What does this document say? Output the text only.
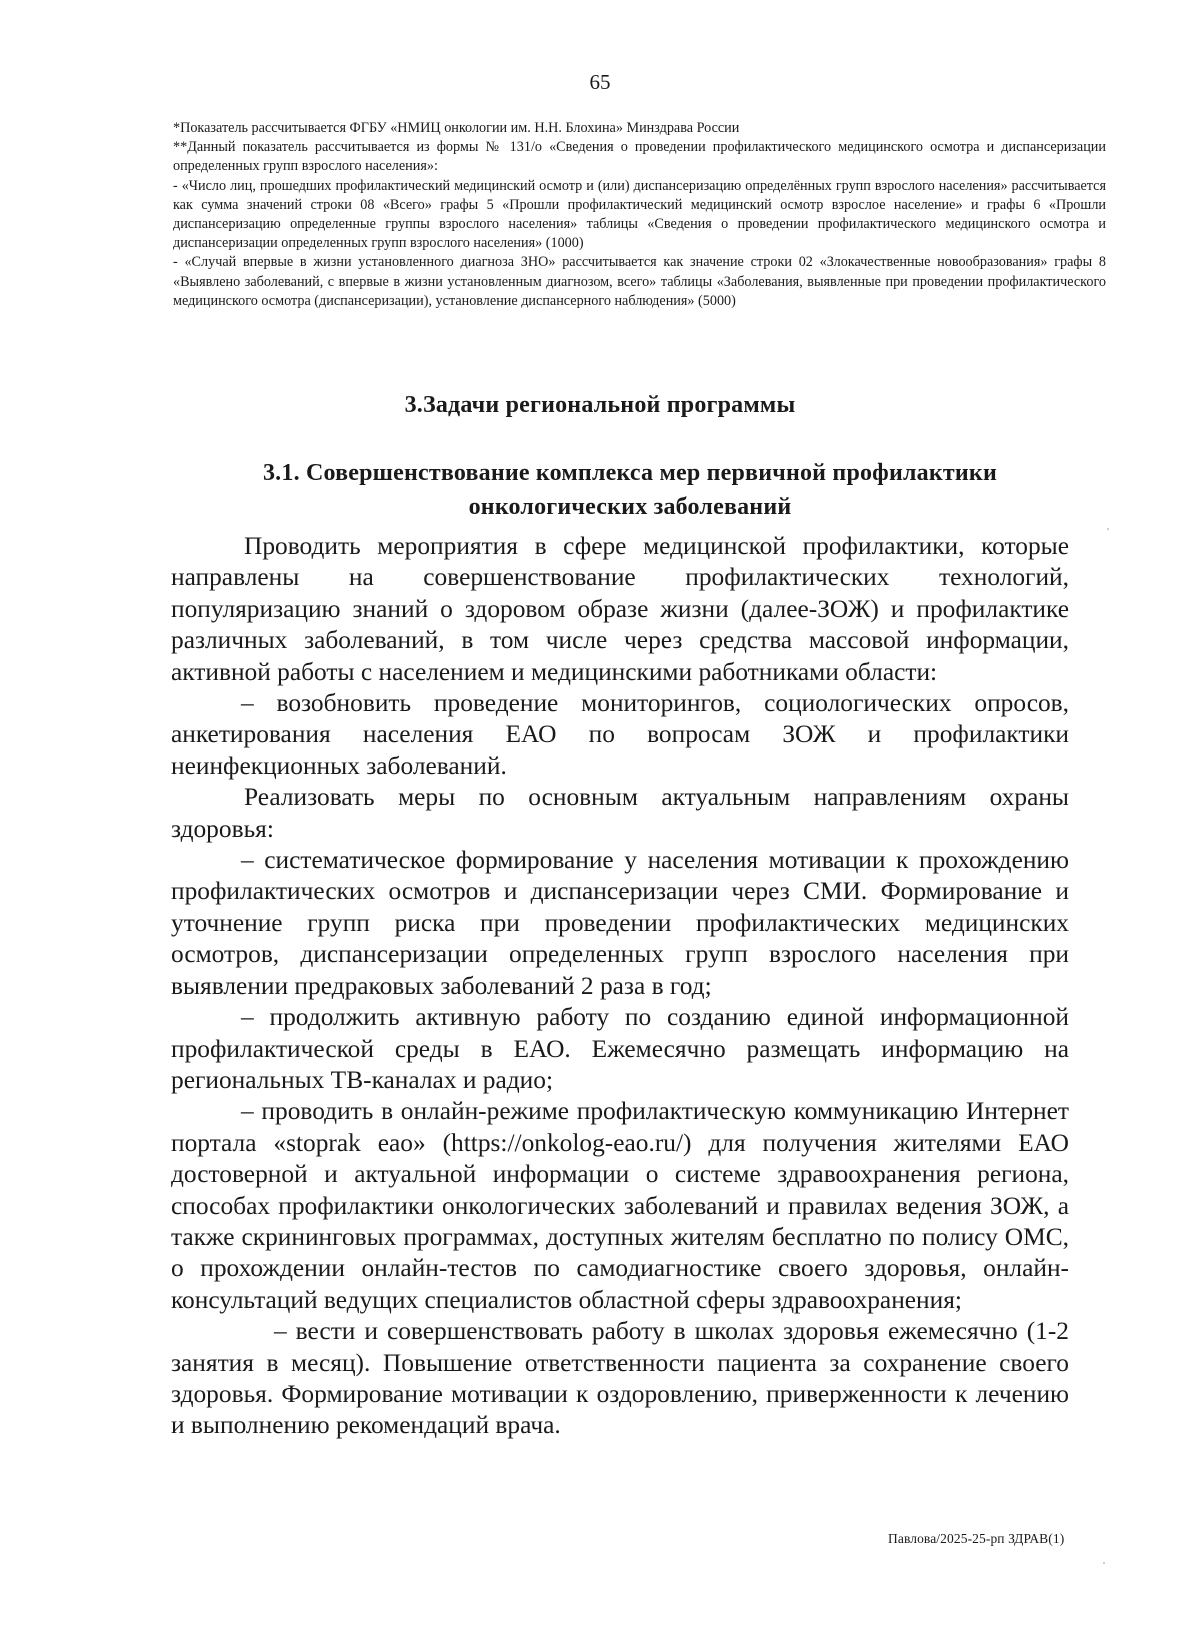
65

*Показатель рассчитывается ФГБУ «НМИЦ онкологии им. Н.Н. Блохина» Минздрава России

**Данный показатель рассчитывается из формы № 131/о «Сведения о проведении профилактического медицинского осмотра и диспансеризации определенных групп взрослого населения»:

- «Число лиц, прошедших профилактический медицинский осмотр и (или) диспансеризацию определённых групп взрослого населения» рассчитывается как сумма значений строки 08 «Всего» графы 5 «Прошли профилактический медицинский осмотр взрослое население» и графы 6 «Прошли диспансеризацию определенные группы взрослого населения» таблицы «Сведения о проведении профилактического медицинского осмотра и диспансеризации определенных групп взрослого населения» (1000)

- «Случай впервые в жизни установленного диагноза ЗНО» рассчитывается как значение строки 02 «Злокачественные новообразования» графы 8 «Выявлено заболеваний, с впервые в жизни установленным диагнозом, всего» таблицы «Заболевания, выявленные при проведении профилактического медицинского осмотра (диспансеризации), установление диспансерного наблюдения» (5000)

3.Задачи региональной программы
3.1. Совершенствование комплекса мер первичной профилактики онкологических заболеваний

Проводить мероприятия в сфере медицинской профилактики, которые направлены на совершенствование профилактических технологий, популяризацию знаний о здоровом образе жизни (далее-ЗОЖ) и профилактике различных заболеваний, в том числе через средства массовой информации, активной работы с населением и медицинскими работниками области:

– возобновить проведение мониторингов, социологических опросов, анкетирования населения ЕАО по вопросам ЗОЖ и профилактики неинфекционных заболеваний.

Реализовать меры по основным актуальным направлениям охраны здоровья:

– систематическое формирование у населения мотивации к прохождению профилактических осмотров и диспансеризации через СМИ. Формирование и уточнение групп риска при проведении профилактических медицинских осмотров, диспансеризации определенных групп взрослого населения при выявлении предраковых заболеваний 2 раза в год;

– продолжить активную работу по созданию единой информационной профилактической среды в ЕАО. Ежемесячно размещать информацию на региональных ТВ-каналах и радио;

– проводить в онлайн-режиме профилактическую коммуникацию Интернет портала «stoprak eao» (https://onkolog-eao.ru/) для получения жителями ЕАО достоверной и актуальной информации о системе здравоохранения региона, способах профилактики онкологических заболеваний и правилах ведения ЗОЖ, а также скрининговых программах, доступных жителям бесплатно по полису ОМС, о прохождении онлайн-тестов по самодиагностике своего здоровья, онлайн-консультаций ведущих специалистов областной сферы здравоохранения;

– вести и совершенствовать работу в школах здоровья ежемесячно (1-2 занятия в месяц). Повышение ответственности пациента за сохранение своего здоровья. Формирование мотивации к оздоровлению, приверженности к лечению и выполнению рекомендаций врача.

Павлова/2025-25-рп ЗДРАВ(1)
